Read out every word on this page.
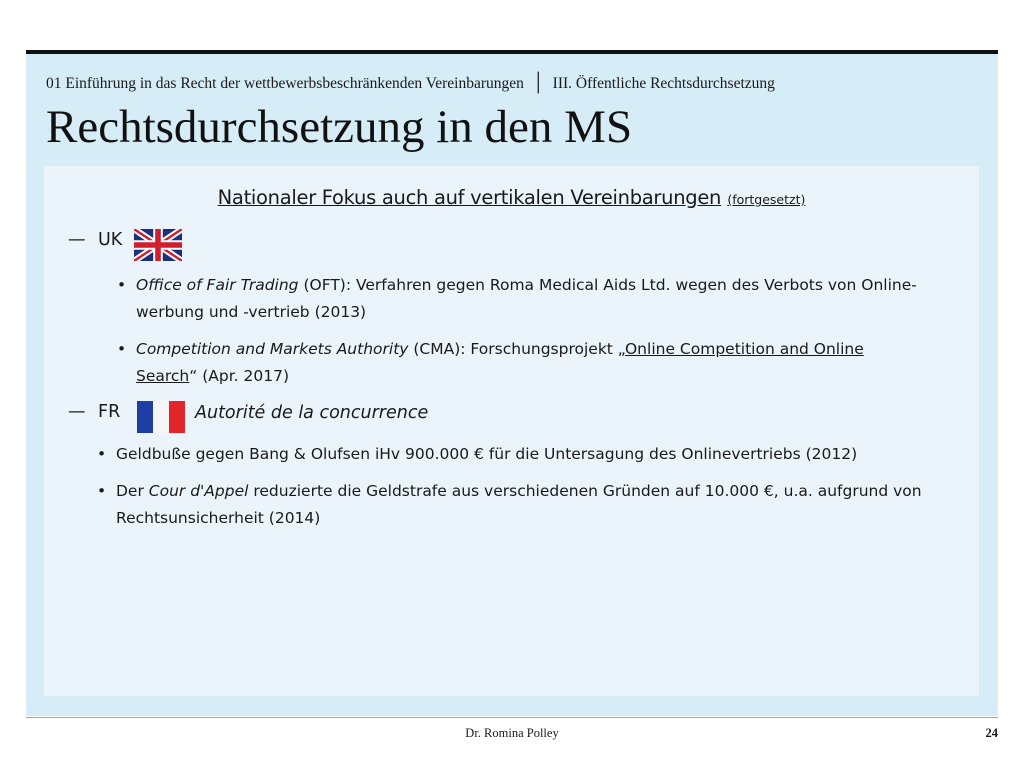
01 Einführung in das Recht der wettbewerbsbeschränkenden Vereinbarungen │ III. Öffentliche Rechtsdurchsetzung
Rechtsdurchsetzung in den MS
Nationaler Fokus auch auf vertikalen Vereinbarungen (fortgesetzt)
— UK
• Office of Fair Trading (OFT): Verfahren gegen Roma Medical Aids Ltd. wegen des Verbots von Online-
werbung und -vertrieb (2013)
• Competition and Markets Authority (CMA): Forschungsprojekt „Online Competition and Online
Search“ (Apr. 2017)
— FR	Autorité de la concurrence
• Geldbuße gegen Bang & Olufsen iHv 900.000 € für die Untersagung des Onlinevertriebs (2012)
• Der Cour d'Appel reduzierte die Geldstrafe aus verschiedenen Gründen auf 10.000 €, u.a. aufgrund von
Rechtsunsicherheit (2014)
Dr. Romina Polley	24
